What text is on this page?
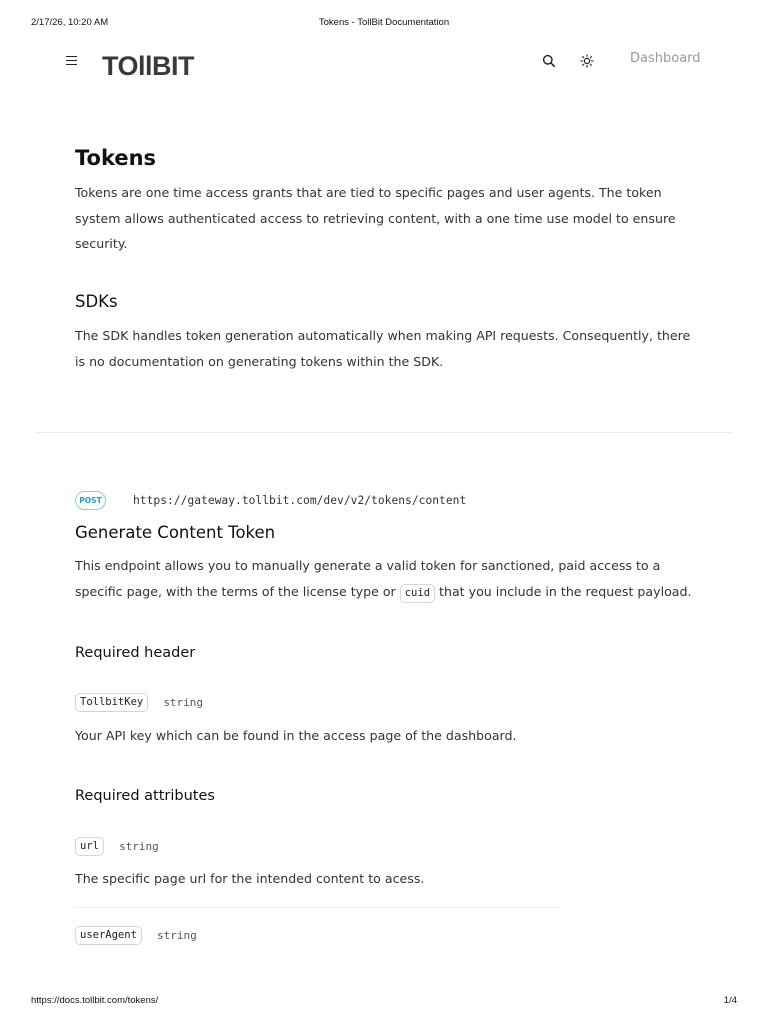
2/17/26, 10:20 AM	Tokens - TollBit Documentation
TOllBIT	Dashboard
Tokens

Tokens are one time access grants that are tied to specific pages and user agents. The token system allows authenticated access to retrieving content, with a one time use model to ensure security.

SDKs

The SDK handles token generation automatically when making API requests. Consequently, there is no documentation on generating tokens within the SDK.

POST	https://gateway.tollbit.com/dev/v2/tokens/content
Generate Content Token

This endpoint allows you to manually generate a valid token for sanctioned, paid access to a specific page, with the terms of the license type or cuid that you include in the request payload.

Required header
TollbitKey string

Your API key which can be found in the access page of the dashboard.

Required attributes
url string

The specific page url for the intended content to acess.

userAgent string
https://docs.tollbit.com/tokens/	1/4
